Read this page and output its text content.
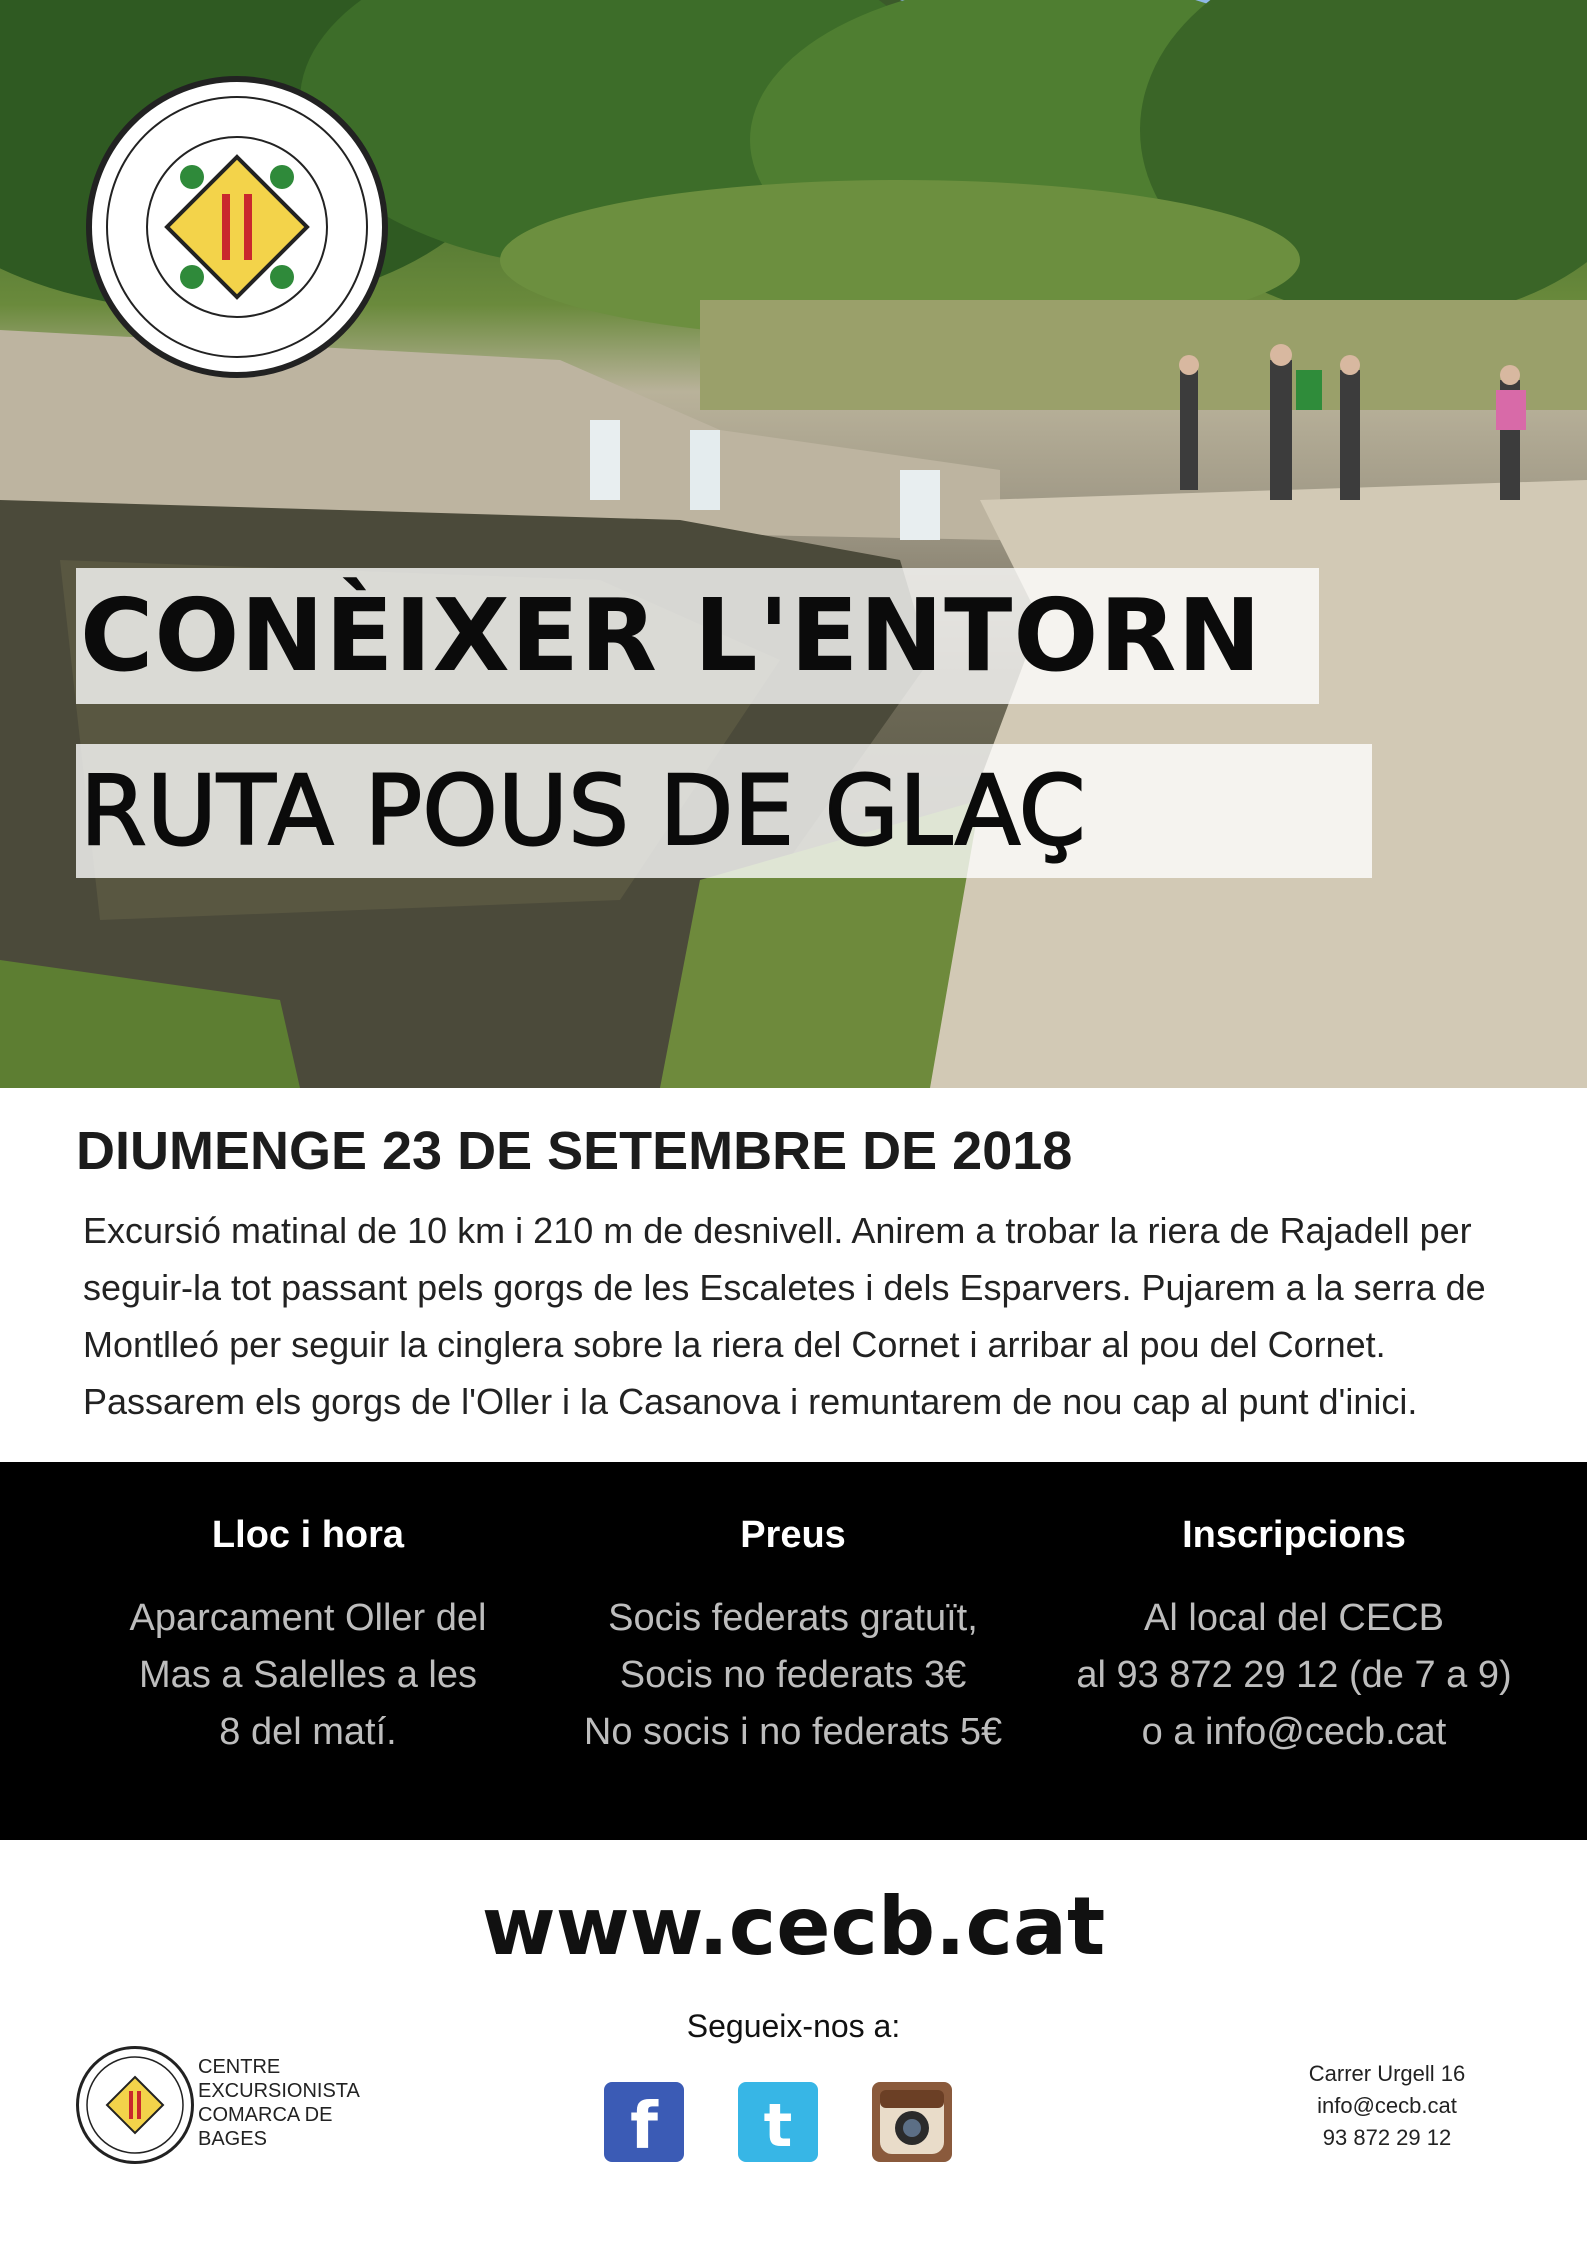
CONÈIXER L'ENTORN
RUTA POUS DE GLAÇ
DIUMENGE 23 DE SETEMBRE DE 2018
Excursió matinal de 10 km i 210 m de desnivell. Anirem a trobar la riera de Rajadell per seguir-la tot passant pels gorgs de les Escaletes i dels Esparvers. Pujarem a la serra de Montlleó per seguir la cinglera sobre la riera del Cornet i arribar al pou del Cornet. Passarem els gorgs de l'Oller i la Casanova i remuntarem de nou cap al punt d'inici.
Lloc i hora

Aparcament Oller del
Mas a Salelles a les
8 del matí.

Preus

Socis federats gratuït,
Socis no federats 3€
No socis i no federats 5€

Inscripcions

Al local del CECB
al 93 872 29 12 (de 7 a 9)
o a info@cecb.cat

www.cecb.cat
Segueix-nos a:
f t
CENTRE
EXCURSIONISTA
COMARCA DE
BAGES
Carrer Urgell 16
info@cecb.cat
93 872 29 12
